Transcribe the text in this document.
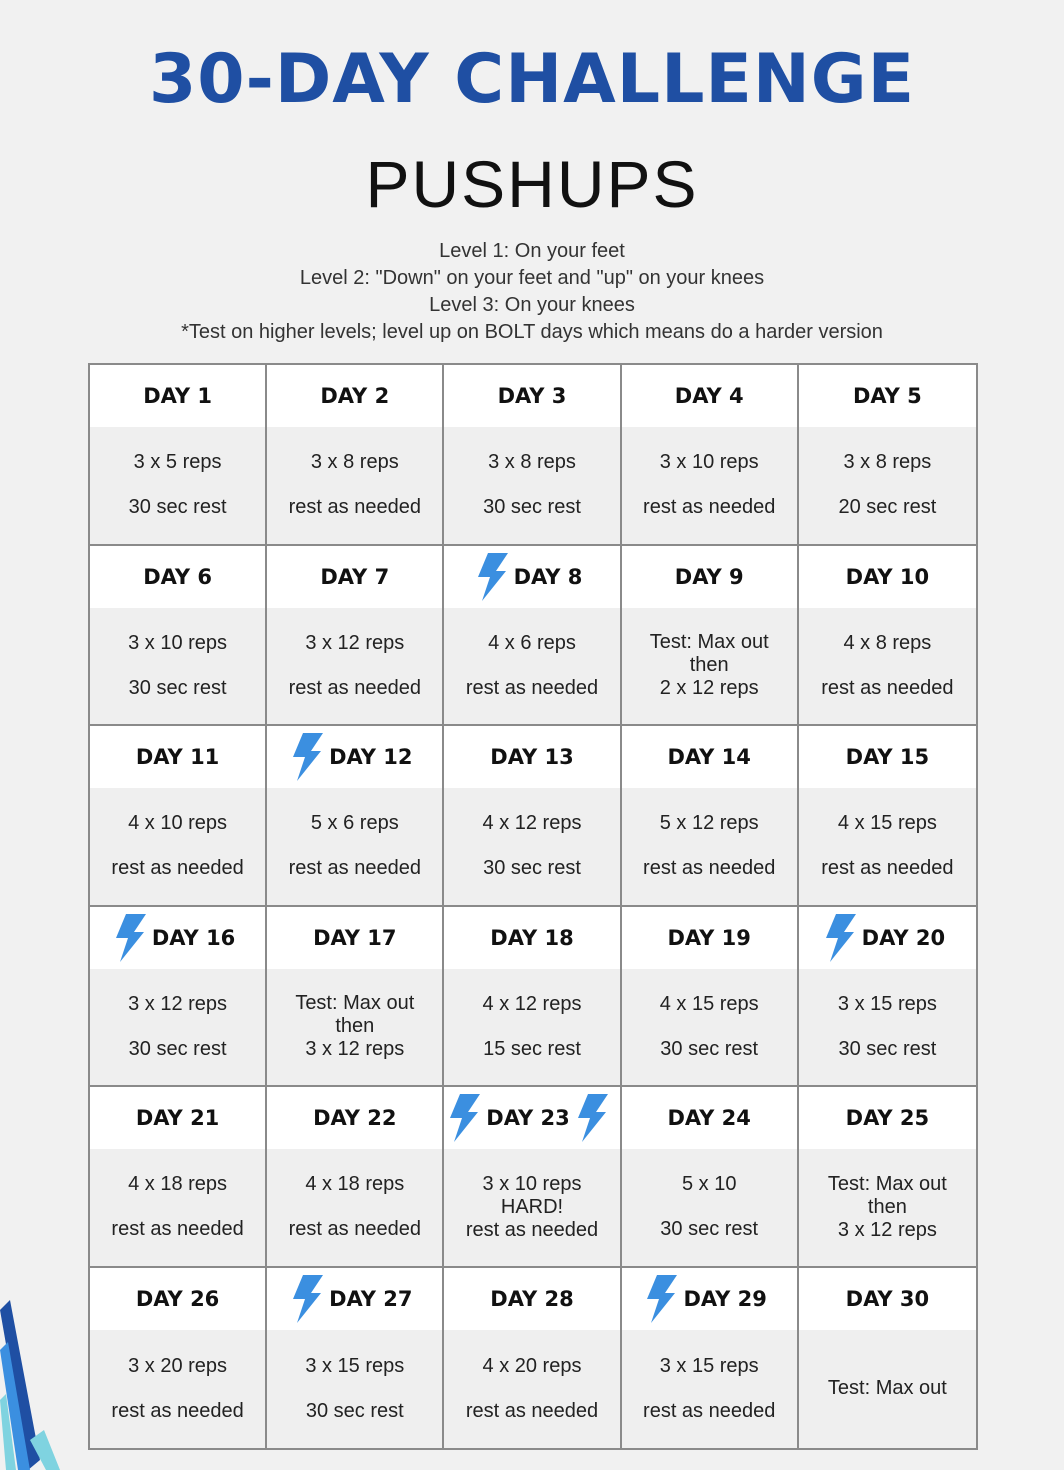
30-DAY CHALLENGE
PUSHUPS
Level 1: On your feet
Level 2: "Down" on your feet and "up" on your knees
Level 3: On your knees
*Test on higher levels; level up on BOLT days which means do a harder version
DAY 1
3 x 5 reps
30 sec rest
DAY 2
3 x 8 reps
rest as needed
DAY 3
3 x 8 reps
30 sec rest
DAY 4
3 x 10 reps
rest as needed
DAY 5
3 x 8 reps
20 sec rest
DAY 6
3 x 10 reps
30 sec rest
DAY 7
3 x 12 reps
rest as needed
DAY 8
4 x 6 reps
rest as needed
DAY 9
Test: Max out
then
2 x 12 reps
DAY 10
4 x 8 reps
rest as needed
DAY 11
4 x 10 reps
rest as needed
DAY 12
5 x 6 reps
rest as needed
DAY 13
4 x 12 reps
30 sec rest
DAY 14
5 x 12 reps
rest as needed
DAY 15
4 x 15 reps
rest as needed
DAY 16
3 x 12 reps
30 sec rest
DAY 17
Test: Max out
then
3 x 12 reps
DAY 18
4 x 12 reps
15 sec rest
DAY 19
4 x 15 reps
30 sec rest
DAY 20
3 x 15 reps
30 sec rest
DAY 21
4 x 18 reps
rest as needed
DAY 22
4 x 18 reps
rest as needed
DAY 23
3 x 10 reps
HARD!
rest as needed
DAY 24
5 x 10
30 sec rest
DAY 25
Test: Max out
then
3 x 12 reps
DAY 26
3 x 20 reps
rest as needed
DAY 27
3 x 15 reps
30 sec rest
DAY 28
4 x 20 reps
rest as needed
DAY 29
3 x 15 reps
rest as needed
DAY 30
Test: Max out
